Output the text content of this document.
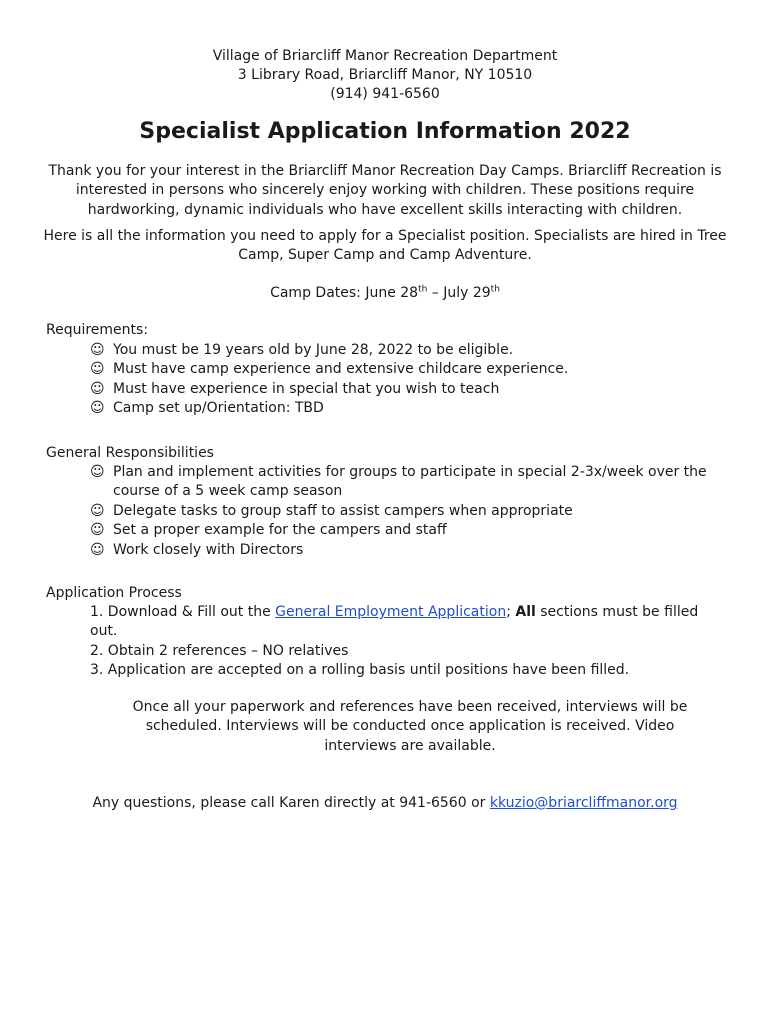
Village of Briarcliff Manor Recreation Department
3 Library Road, Briarcliff Manor, NY 10510
(914) 941-6560
Specialist Application Information 2022
Thank you for your interest in the Briarcliff Manor Recreation Day Camps. Briarcliff Recreation is interested in persons who sincerely enjoy working with children. These positions require hardworking, dynamic individuals who have excellent skills interacting with children.
Here is all the information you need to apply for a Specialist position. Specialists are hired in Tree Camp, Super Camp and Camp Adventure.
Camp Dates: June 28th – July 29th
Requirements:
☺ You must be 19 years old by June 28, 2022 to be eligible.
☺ Must have camp experience and extensive childcare experience.
☺ Must have experience in special that you wish to teach
☺ Camp set up/Orientation: TBD
General Responsibilities
☺ Plan and implement activities for groups to participate in special 2-3x/week over the course of a 5 week camp season
☺ Delegate tasks to group staff to assist campers when appropriate
☺ Set a proper example for the campers and staff
☺ Work closely with Directors
Application Process
1. Download & Fill out the General Employment Application; All sections must be filled out.
2. Obtain 2 references – NO relatives
3. Application are accepted on a rolling basis until positions have been filled.
Once all your paperwork and references have been received, interviews will be scheduled. Interviews will be conducted once application is received. Video interviews are available.
Any questions, please call Karen directly at 941-6560 or kkuzio@briarcliffmanor.org
